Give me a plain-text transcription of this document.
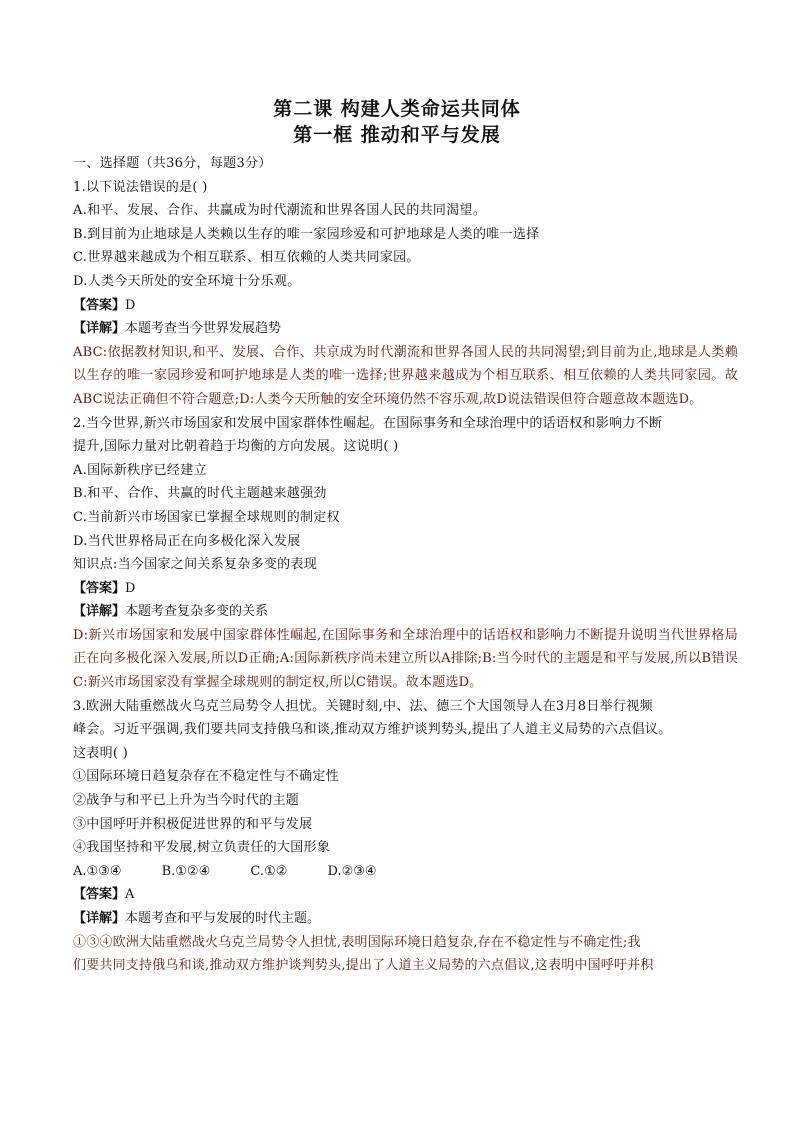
第二课 构建人类命运共同体
第一框 推动和平与发展

一、选择题（共36分，每题3分）

1.以下说法错误的是( )

A.和平、发展、合作、共赢成为时代潮流和世界各国人民的共同渴望。

B.到目前为止地球是人类赖以生存的唯一家园珍爱和可护地球是人类的唯一选择

C.世界越来越成为个相互联系、相互依赖的人类共同家园。

D.人类今天所处的安全环境十分乐观。

【答案】D

【详解】本题考查当今世界发展趋势

ABC:依据教材知识,和平、发展、合作、共京成为时代潮流和世界各国人民的共同渴望;到目前为止,地球是人类赖以生存的唯一家园珍爱和呵护地球是人类的唯一选择;世界越来越成为个相互联系、相互依赖的人类共同家园。故ABC说法正确但不符合题意;D:人类今天所触的安全环境仍然不容乐观,故D说法错误但符合题意故本题选D。

2.当今世界,新兴市场国家和发展中国家群体性崛起。在国际事务和全球治理中的话语权和影响力不断

提升,国际力量对比朝着趋于均衡的方向发展。这说明( )

A.国际新秩序已经建立

B.和平、合作、共赢的时代主题越来越强劲

C.当前新兴市场国家已掌握全球规则的制定权

D.当代世界格局正在向多极化深入发展

知识点:当今国家之间关系复杂多变的表现

【答案】D

【详解】本题考查复杂多变的关系

D:新兴市场国家和发展中国家群体性崛起,在国际事务和全球治理中的话语权和影响力不断提升说明当代世界格局正在向多极化深入发展,所以D正确;A:国际新秩序尚未建立所以A排除;B:当今时代的主题是和平与发展,所以B错误C:新兴市场国家没有掌握全球规则的制定权,所以C错误。故本题选D。

3.欧洲大陆重燃战火乌克兰局势令人担忧。关键时刻,中、法、德三个大国领导人在3月8日举行视频

峰会。习近平强调,我们要共同支持俄乌和谈,推动双方维护谈判势头,提出了人道主义局势的六点倡议。

这表明( )

①国际环境日趋复杂存在不稳定性与不确定性

②战争与和平已上升为当今时代的主题

③中国呼吁并积极促进世界的和平与发展

④我国坚持和平发展,树立负责任的大国形象

A.①③④	B.①②④	C.①②	D.②③④

【答案】A

【详解】本题考查和平与发展的时代主题。

①③④欧洲大陆重燃战火乌克兰局势令人担忧,表明国际环境日趋复杂,存在不稳定性与不确定性;我

们要共同支持俄乌和谈,推动双方维护谈判势头,提出了人道主义局势的六点倡议,这表明中国呼吁并积
